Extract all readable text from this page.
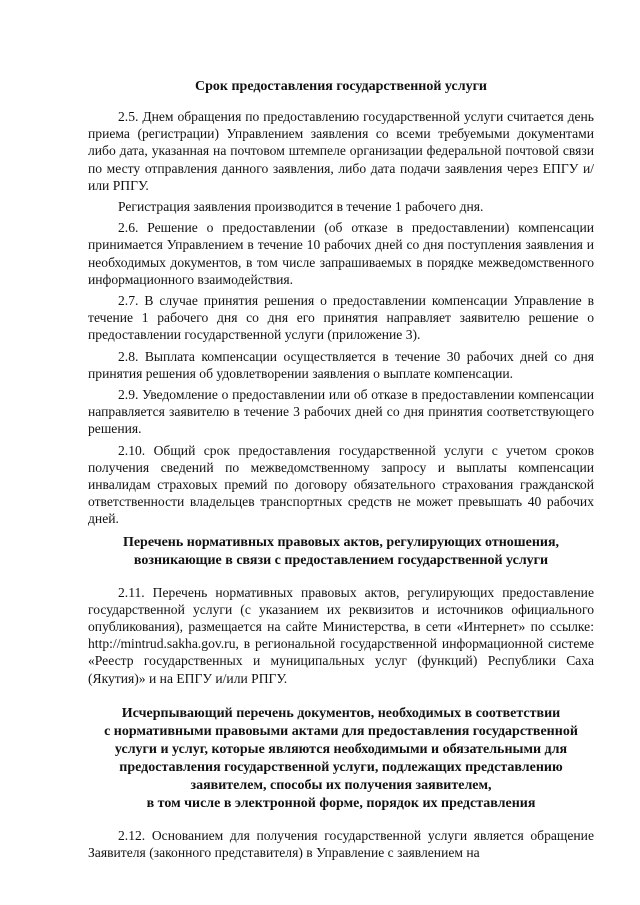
Срок предоставления государственной услуги

2.5. Днем обращения по предоставлению государственной услуги считается день приема (регистрации) Управлением заявления со всеми требуемыми документами либо дата, указанная на почтовом штемпеле организации федеральной почтовой связи по месту отправления данного заявления, либо дата подачи заявления через ЕПГУ и/или РПГУ.

Регистрация заявления производится в течение 1 рабочего дня.

2.6. Решение о предоставлении (об отказе в предоставлении) компенсации принимается Управлением в течение 10 рабочих дней со дня поступления заявления и необходимых документов, в том числе запрашиваемых в порядке межведомственного информационного взаимодействия.

2.7. В случае принятия решения о предоставлении компенсации Управление в течение 1 рабочего дня со дня его принятия направляет заявителю решение о предоставлении государственной услуги (приложение 3).

2.8. Выплата компенсации осуществляется в течение 30 рабочих дней со дня принятия решения об удовлетворении заявления о выплате компенсации.

2.9. Уведомление о предоставлении или об отказе в предоставлении компенсации направляется заявителю в течение 3 рабочих дней со дня принятия соответствующего решения.

2.10. Общий срок предоставления государственной услуги с учетом сроков получения сведений по межведомственному запросу и выплаты компенсации инвалидам страховых премий по договору обязательного страхования гражданской ответственности владельцев транспортных средств не может превышать 40 рабочих дней.

Перечень нормативных правовых актов, регулирующих отношения,
возникающие в связи с предоставлением государственной услуги

2.11. Перечень нормативных правовых актов, регулирующих предоставление государственной услуги (с указанием их реквизитов и источников официального опубликования), размещается на сайте Министерства, в сети «Интернет» по ссылке: http://mintrud.sakha.gov.ru, в региональной государственной информационной системе «Реестр государственных и муниципальных услуг (функций) Республики Саха (Якутия)» и на ЕПГУ и/или РПГУ.

Исчерпывающий перечень документов, необходимых в соответствии
с нормативными правовыми актами для предоставления государственной
услуги и услуг, которые являются необходимыми и обязательными для
предоставления государственной услуги, подлежащих представлению
заявителем, способы их получения заявителем,
в том числе в электронной форме, порядок их представления

2.12. Основанием для получения государственной услуги является обращение Заявителя (законного представителя) в Управление с заявлением на
